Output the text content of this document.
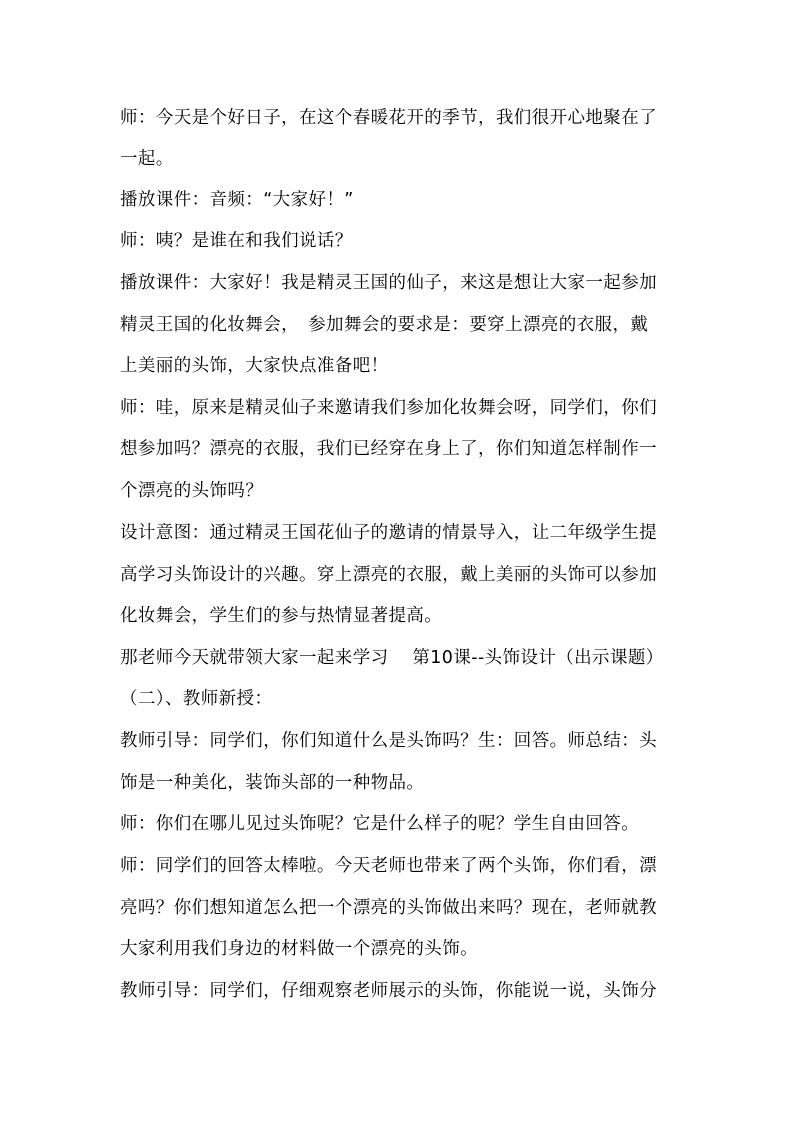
师：今天是个好日子，在这个春暖花开的季节，我们很开心地聚在了
一起。
播放课件：音频：“大家好！”
师：咦？是谁在和我们说话？
播放课件：大家好！我是精灵王国的仙子，来这是想让大家一起参加
精灵王国的化妆舞会，　参加舞会的要求是：要穿上漂亮的衣服，戴
上美丽的头饰，大家快点准备吧！
师：哇，原来是精灵仙子来邀请我们参加化妆舞会呀，同学们，你们
想参加吗？漂亮的衣服，我们已经穿在身上了，你们知道怎样制作一
个漂亮的头饰吗？
设计意图：通过精灵王国花仙子的邀请的情景导入，让二年级学生提
高学习头饰设计的兴趣。穿上漂亮的衣服，戴上美丽的头饰可以参加
化妆舞会，学生们的参与热情显著提高。
那老师今天就带领大家一起来学习　 第10课--头饰设计（出示课题）
（二）、教师新授：
教师引导：同学们，你们知道什么是头饰吗？生：回答。师总结：头
饰是一种美化，装饰头部的一种物品。
师：你们在哪儿见过头饰呢？它是什么样子的呢？学生自由回答。
师：同学们的回答太棒啦。今天老师也带来了两个头饰，你们看，漂
亮吗？你们想知道怎么把一个漂亮的头饰做出来吗？现在，老师就教
大家利用我们身边的材料做一个漂亮的头饰。
教师引导：同学们，仔细观察老师展示的头饰，你能说一说，头饰分
